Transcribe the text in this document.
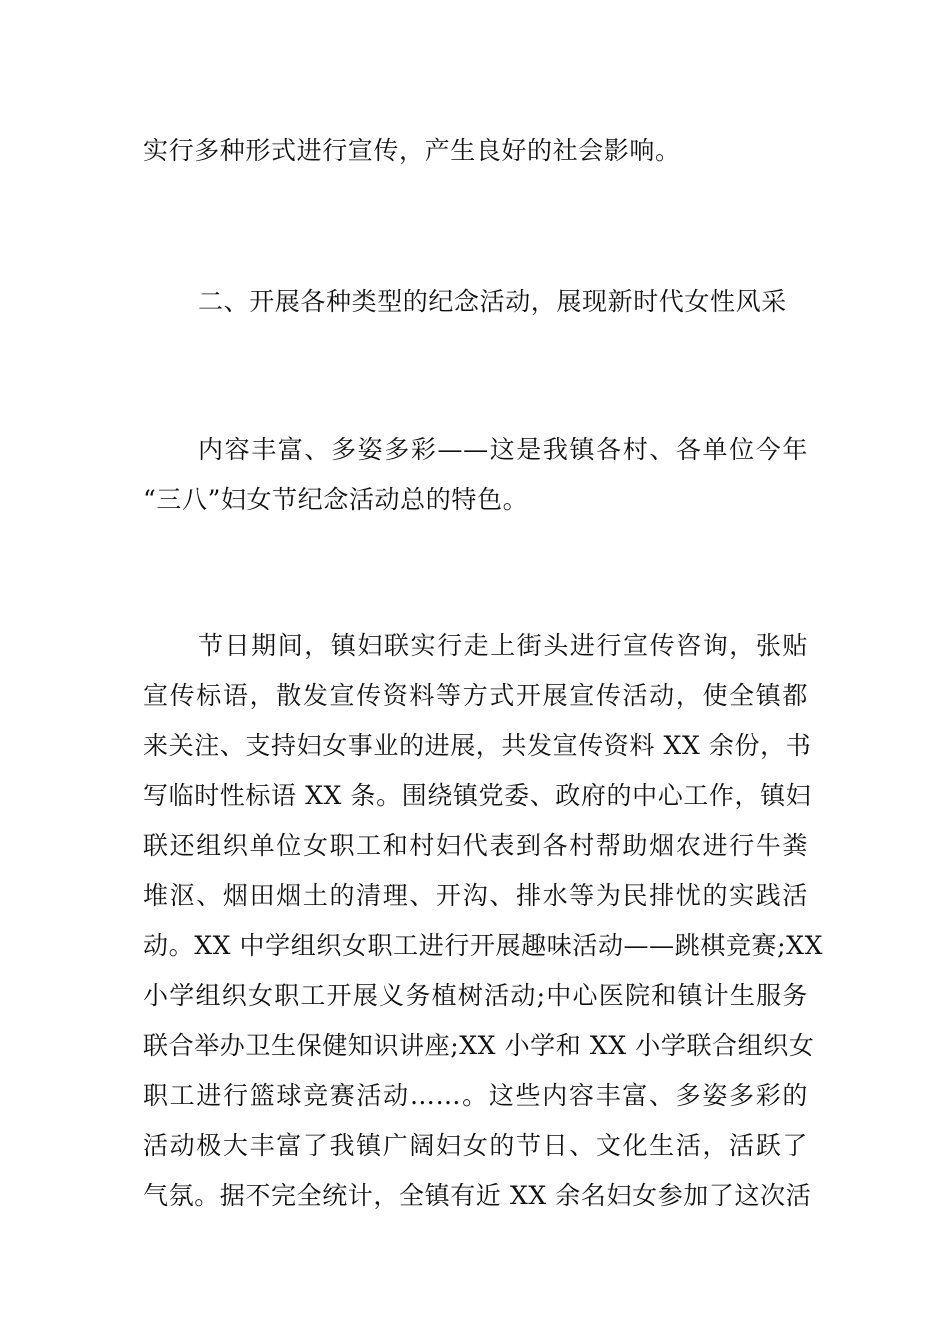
实行多种形式进行宣传，产生良好的社会影响。
二、开展各种类型的纪念活动，展现新时代女性风采
内容丰富、多姿多彩——这是我镇各村、各单位今年
“三八”妇女节纪念活动总的特色。
节日期间，镇妇联实行走上街头进行宣传咨询，张贴
宣传标语，散发宣传资料等方式开展宣传活动，使全镇都
来关注、支持妇女事业的进展，共发宣传资料 XX 余份，书
写临时性标语 XX 条。围绕镇党委、政府的中心工作，镇妇
联还组织单位女职工和村妇代表到各村帮助烟农进行牛粪
堆沤、烟田烟土的清理、开沟、排水等为民排忧的实践活
动。XX 中学组织女职工进行开展趣味活动——跳棋竞赛;XX
小学组织女职工开展义务植树活动;中心医院和镇计生服务
联合举办卫生保健知识讲座;XX 小学和 XX 小学联合组织女
职工进行篮球竞赛活动……。这些内容丰富、多姿多彩的
活动极大丰富了我镇广阔妇女的节日、文化生活，活跃了
气氛。据不完全统计，全镇有近 XX 余名妇女参加了这次活
